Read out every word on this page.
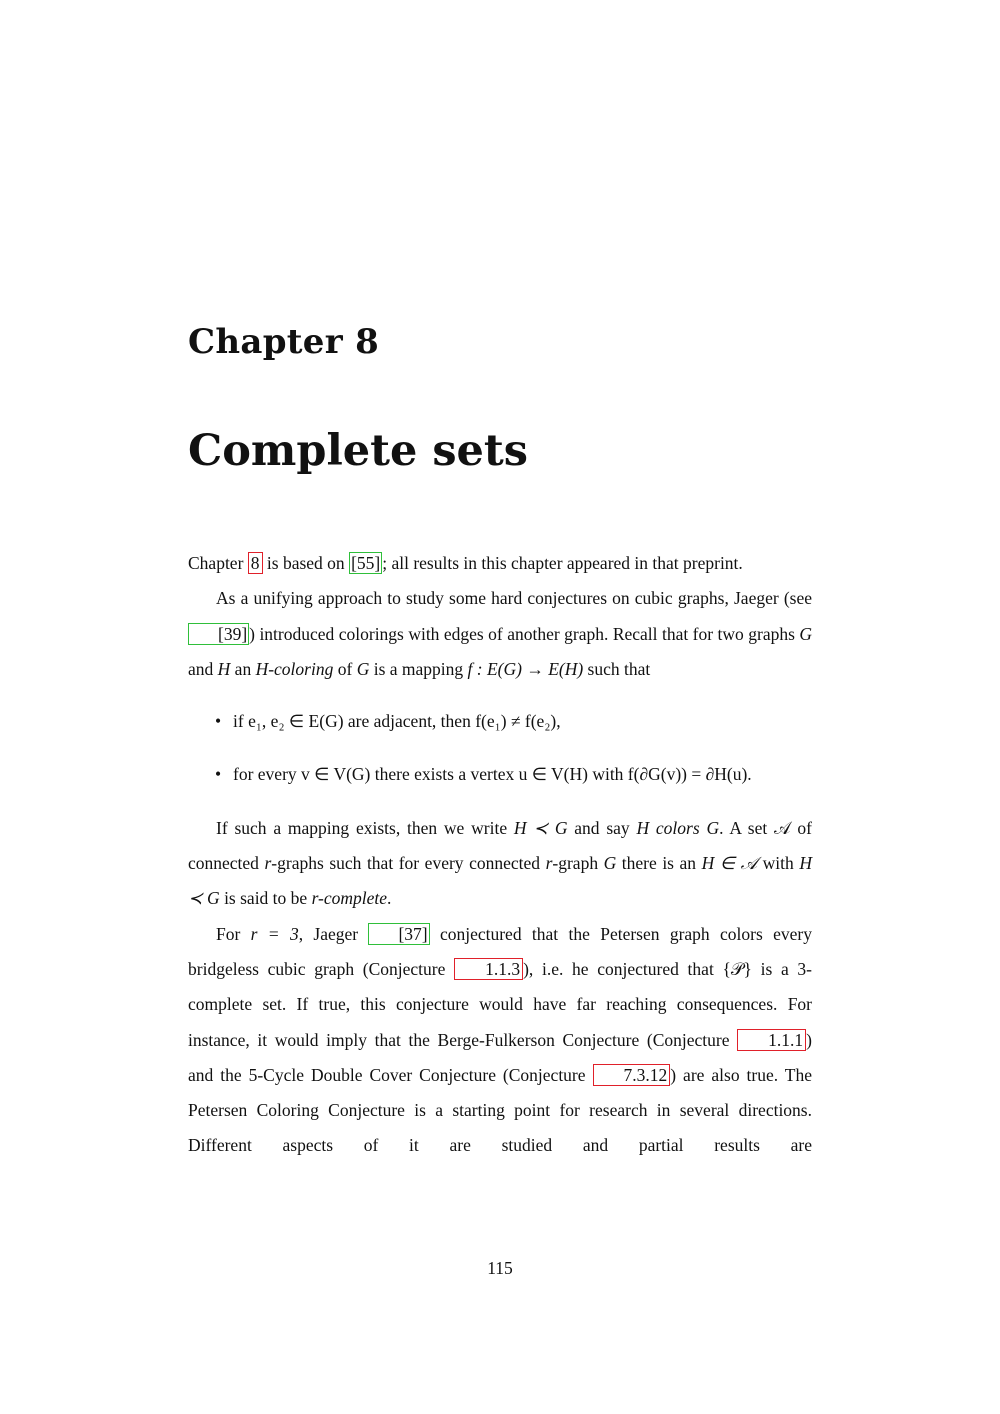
Chapter 8
Complete sets

Chapter 8 is based on [55] ; all results in this chapter appeared in that preprint.

As a unifying approach to study some hard conjectures on cubic graphs, Jaeger (see [39] ) introduced colorings with edges of another graph. Recall that for two graphs G and H an H-coloring of G is a mapping f : E(G) → E(H) such that

• if e₁, e₂ ∈ E(G) are adjacent, then f(e₁) ≠ f(e₂),
• for every v ∈ V(G) there exists a vertex u ∈ V(H) with f(∂G(v)) = ∂H(u).

If such a mapping exists, then we write H ≺ G and say H colors G. A set 𝒜 of connected r-graphs such that for every connected r-graph G there is an H ∈ 𝒜 with H ≺ G is said to be r-complete.

For r = 3, Jaeger [37] conjectured that the Petersen graph colors every bridgeless cubic graph (Conjecture 1.1.3 ), i.e. he conjectured that {𝒫} is a 3-complete set. If true, this conjecture would have far reaching consequences. For instance, it would imply that the Berge-Fulkerson Conjecture (Conjecture 1.1.1 ) and the 5-Cycle Double Cover Conjecture (Conjecture 7.3.12 ) are also true. The Petersen Coloring Conjecture is a starting point for research in several directions. Different aspects of it are studied and partial results are

115
